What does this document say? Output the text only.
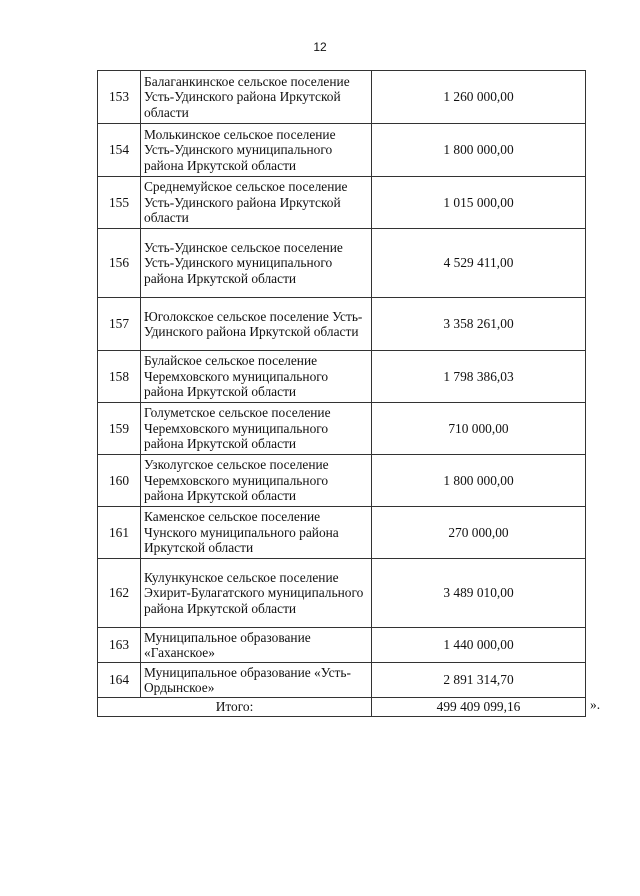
12
153	Балаганкинское сельское поселение Усть-Удинского района Иркутской области	1 260 000,00
154	Молькинское сельское поселение Усть-Удинского муниципального района Иркутской области	1 800 000,00
155	Среднемуйское сельское поселение Усть-Удинского района Иркутской области	1 015 000,00
156	Усть-Удинское сельское поселение Усть-Удинского муниципального района Иркутской области	4 529 411,00
157	Юголокское сельское поселение Усть-Удинского района Иркутской области	3 358 261,00
158	Булайское сельское поселение Черемховского муниципального района Иркутской области	1 798 386,03
159	Голуметское сельское поселение Черемховского муниципального района Иркутской области	710 000,00
160	Узколугское сельское поселение Черемховского муниципального района Иркутской области	1 800 000,00
161	Каменское сельское поселение Чунского муниципального района Иркутской области	270 000,00
162	Кулункунское сельское поселение Эхирит-Булагатского муниципального района Иркутской области	3 489 010,00
163	Муниципальное образование «Гаханское»	1 440 000,00
164	Муниципальное образование «Усть-Ордынское»	2 891 314,70
Итого:		499 409 099,16	».
